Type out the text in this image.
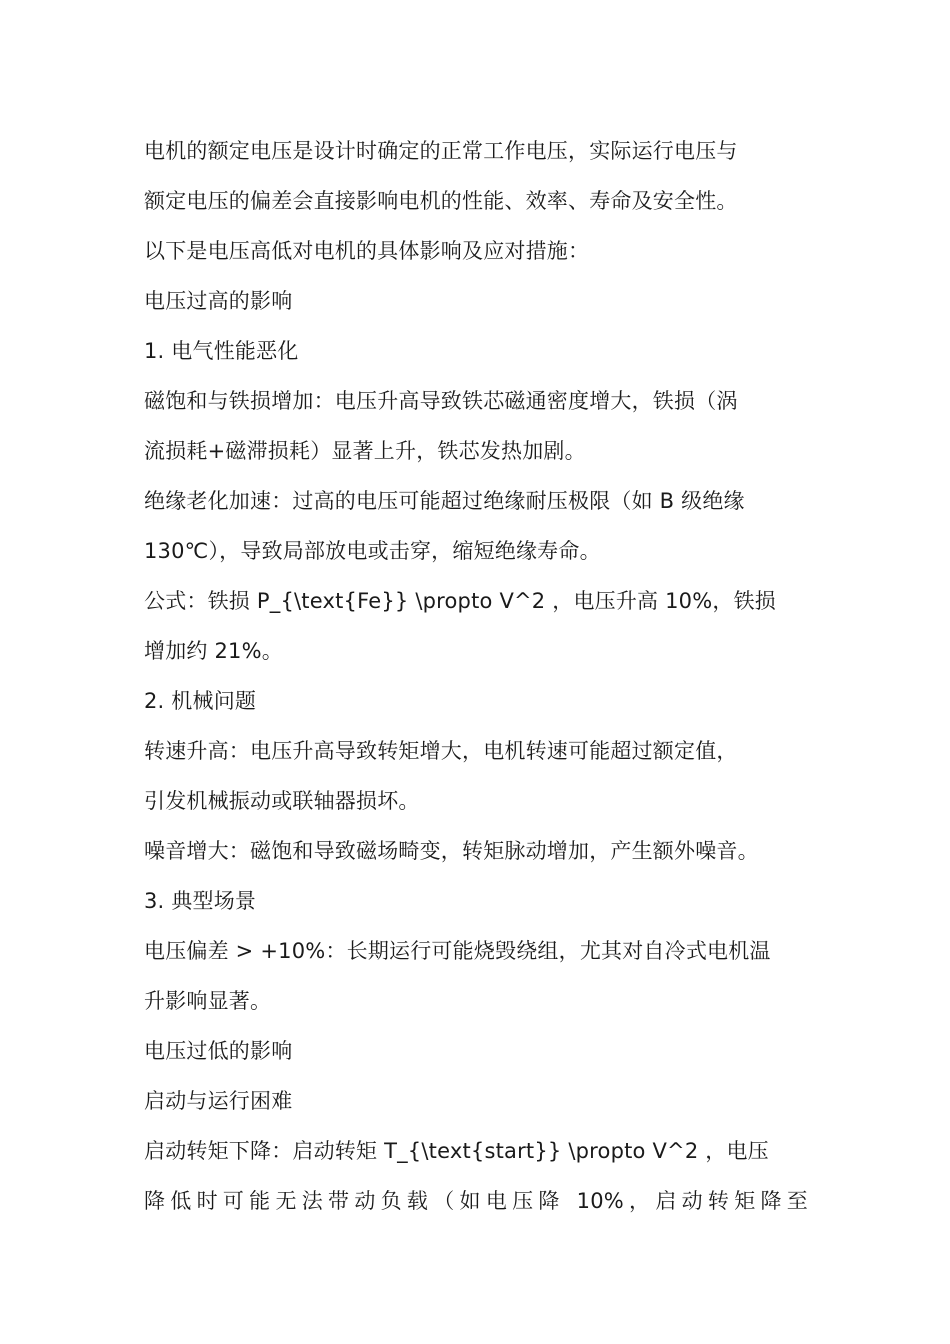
电机的额定电压是设计时确定的正常工作电压，实际运行电压与
额定电压的偏差会直接影响电机的性能、效率、寿命及安全性。
以下是电压高低对电机的具体影响及应对措施：
电压过高的影响
1. 电气性能恶化
磁饱和与铁损增加：电压升高导致铁芯磁通密度增大，铁损（涡
流损耗+磁滞损耗）显著上升，铁芯发热加剧。
绝缘老化加速：过高的电压可能超过绝缘耐压极限（如 B 级绝缘
130℃），导致局部放电或击穿，缩短绝缘寿命。
公式：铁损 P_{\text{Fe}} \propto V^2 ，电压升高 10%，铁损
增加约 21%。
2. 机械问题
转速升高：电压升高导致转矩增大，电机转速可能超过额定值，
引发机械振动或联轴器损坏。
噪音增大：磁饱和导致磁场畸变，转矩脉动增加，产生额外噪音。
3. 典型场景
电压偏差 > +10%：长期运行可能烧毁绕组，尤其对自冷式电机温
升影响显著。
电压过低的影响
启动与运行困难
启动转矩下降：启动转矩 T_{\text{start}} \propto V^2 ，电压
降低时可能无法带动负载（如电压降 10%，启动转矩降至
